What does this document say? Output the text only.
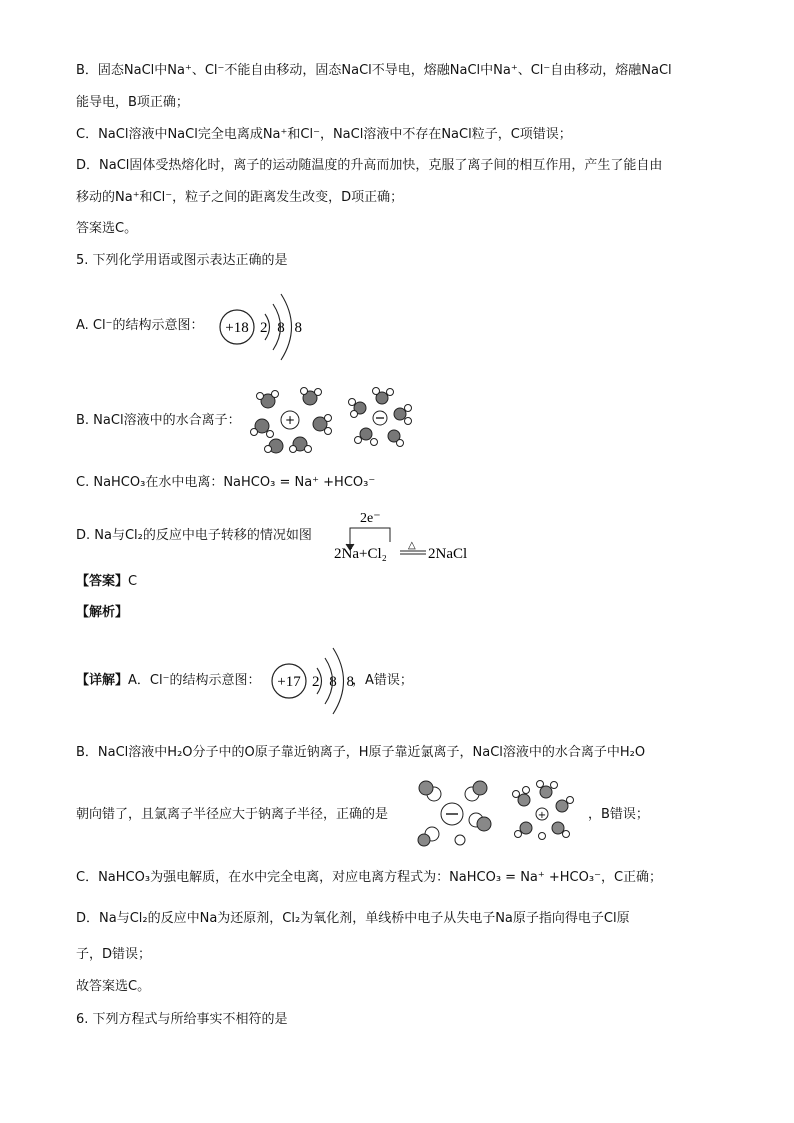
B．固态NaCl中Na⁺、Cl⁻不能自由移动，固态NaCl不导电，熔融NaCl中Na⁺、Cl⁻自由移动，熔融NaCl
能导电，B项正确；
C．NaCl溶液中NaCl完全电离成Na⁺和Cl⁻，NaCl溶液中不存在NaCl粒子，C项错误；
D．NaCl固体受热熔化时，离子的运动随温度的升高而加快，克服了离子间的相互作用，产生了能自由
移动的Na⁺和Cl⁻，粒子之间的距离发生改变，D项正确；
答案选C。
5. 下列化学用语或图示表达正确的是
A. Cl⁻的结构示意图： +18 2 8 8
B. NaCl溶液中的水合离子：	+
C. NaHCO₃在水中电离：NaHCO₃ = Na⁺ +HCO₃⁻
D. Na与Cl₂的反应中电子转移的情况如图
2e⁻
2Na+Cl₂
△
2NaCl
【答案】C
【解析】
【详解】A．Cl⁻的结构示意图： +17 2 8 8
，A错误；
B．NaCl溶液中H₂O分子中的O原子靠近钠离子，H原子靠近氯离子，NaCl溶液中的水合离子中H₂O
朝向错了，且氯离子半径应大于钠离子半径，正确的是	+	，B错误；
C．NaHCO₃为强电解质，在水中完全电离，对应电离方程式为：NaHCO₃ = Na⁺ +HCO₃⁻，C正确；
D．Na与Cl₂的反应中Na为还原剂，Cl₂为氧化剂，单线桥中电子从失电子Na原子指向得电子Cl原
子，D错误；
故答案选C。
6. 下列方程式与所给事实不相符的是
